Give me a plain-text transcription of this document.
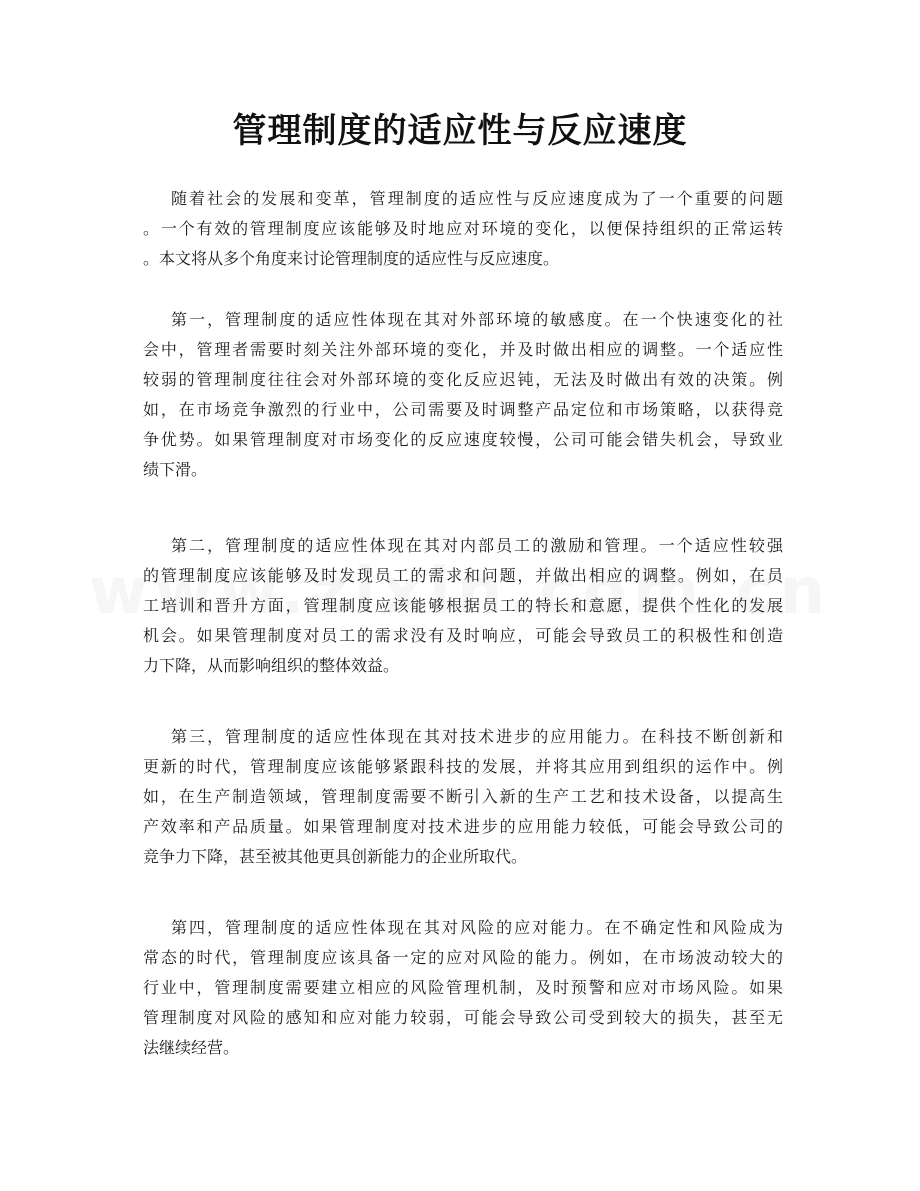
管理制度的适应性与反应速度
随着社会的发展和变革，管理制度的适应性与反应速度成为了一个重要的问题
。一个有效的管理制度应该能够及时地应对环境的变化，以便保持组织的正常运转
。本文将从多个角度来讨论管理制度的适应性与反应速度。
第一，管理制度的适应性体现在其对外部环境的敏感度。在一个快速变化的社
会中，管理者需要时刻关注外部环境的变化，并及时做出相应的调整。一个适应性
较弱的管理制度往往会对外部环境的变化反应迟钝，无法及时做出有效的决策。例
如，在市场竞争激烈的行业中，公司需要及时调整产品定位和市场策略，以获得竞
争优势。如果管理制度对市场变化的反应速度较慢，公司可能会错失机会，导致业
绩下滑。
第二，管理制度的适应性体现在其对内部员工的激励和管理。一个适应性较强
的管理制度应该能够及时发现员工的需求和问题，并做出相应的调整。例如，在员
工培训和晋升方面，管理制度应该能够根据员工的特长和意愿，提供个性化的发展
机会。如果管理制度对员工的需求没有及时响应，可能会导致员工的积极性和创造
力下降，从而影响组织的整体效益。
第三，管理制度的适应性体现在其对技术进步的应用能力。在科技不断创新和
更新的时代，管理制度应该能够紧跟科技的发展，并将其应用到组织的运作中。例
如，在生产制造领域，管理制度需要不断引入新的生产工艺和技术设备，以提高生
产效率和产品质量。如果管理制度对技术进步的应用能力较低，可能会导致公司的
竞争力下降，甚至被其他更具创新能力的企业所取代。
第四，管理制度的适应性体现在其对风险的应对能力。在不确定性和风险成为
常态的时代，管理制度应该具备一定的应对风险的能力。例如，在市场波动较大的
行业中，管理制度需要建立相应的风险管理机制，及时预警和应对市场风险。如果
管理制度对风险的感知和应对能力较弱，可能会导致公司受到较大的损失，甚至无
法继续经营。
